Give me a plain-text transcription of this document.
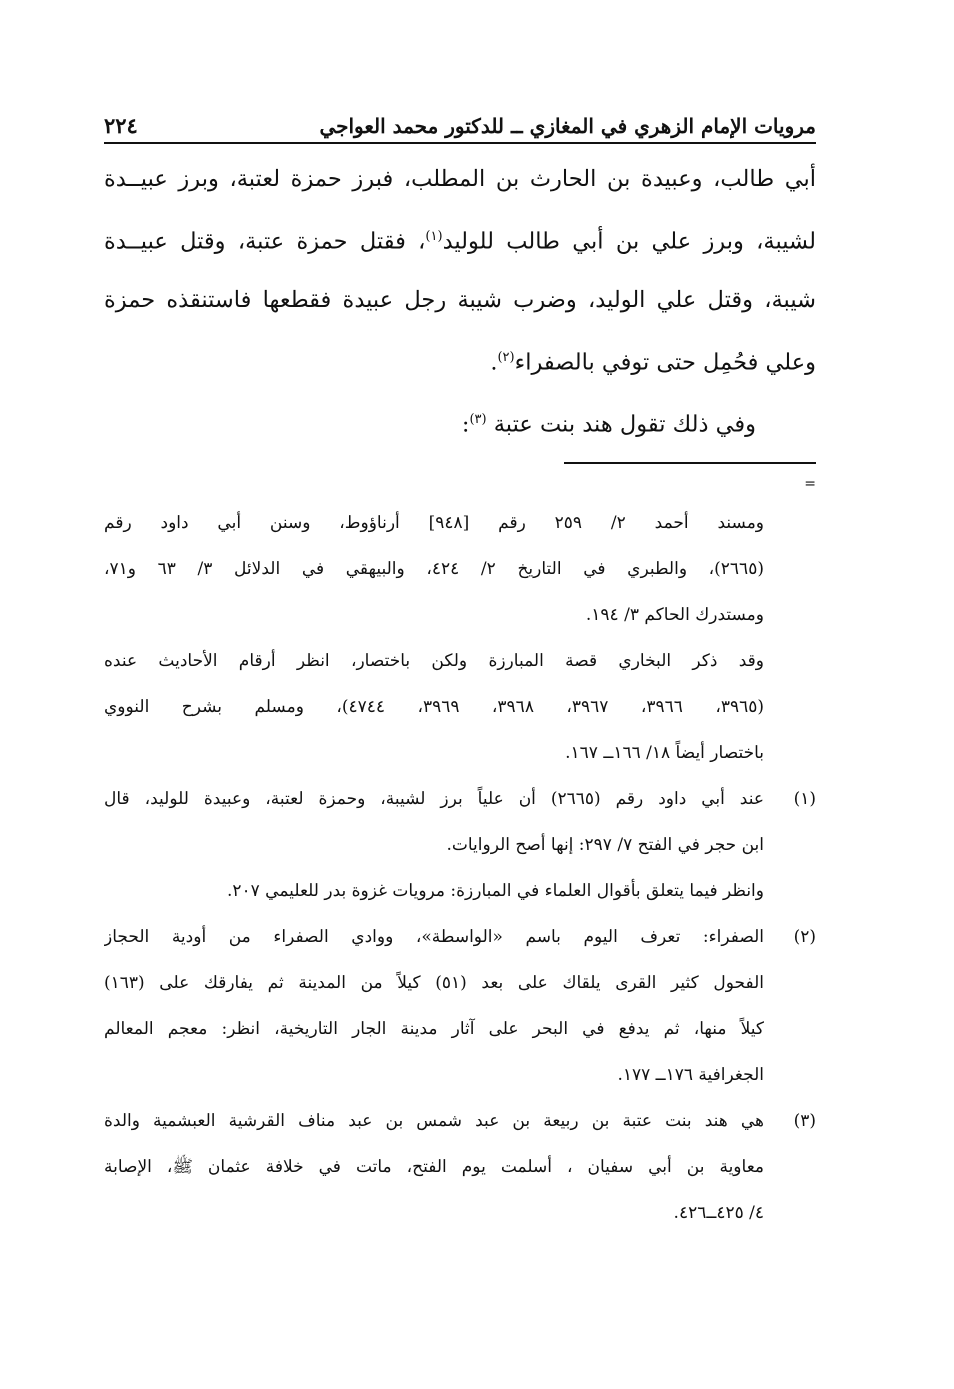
مرويات الإمام الزهري في المغازي ــ للدكتور محمد العواجي
٢٢٤

أبي طالب، وعبيدة بن الحارث بن المطلب، فبرز حمزة لعتبة، وبرز عبيــدة

لشيبة، وبرز علي بن أبي طالب للوليد$^{(١)}$، فقتل حمزة عتبة، وقتل عبيــدة

شيبة، وقتل علي الوليد، وضرب شيبة رجل عبيدة فقطعها فاستنقذه حمزة

وعلي فحُمِل حتى توفي بالصفراء$^{(٢)}$.

وفي ذلك تقول هند بنت عتبة $^{(٣)}$:

=

ومسند أحمد ٢/ ٢٥٩ رقم [٩٤٨] أرناؤوط، وسنن أبي داود رقم

(٢٦٦٥)، والطبري في التاريخ ٢/ ٤٢٤، والبيهقي في الدلائل ٣/ ٦٣ و٧١،

ومستدرك الحاكم ٣/ ١٩٤.

وقد ذكر البخاري قصة المبارزة ولكن باختصار، انظر أرقام الأحاديث عنده

(٣٩٦٥، ٣٩٦٦، ٣٩٦٧، ٣٩٦٨، ٣٩٦٩، ٤٧٤٤)، ومسلم بشرح النووي

باختصار أيضاً ١٨/ ١٦٦ــ ١٦٧.

(١)

عند أبي داود رقم (٢٦٦٥) أن علياً برز لشيبة، وحمزة لعتبة، وعبيدة للوليد، قال

ابن حجر في الفتح ٧/ ٢٩٧: إنها أصح الروايات.

وانظر فيما يتعلق بأقوال العلماء في المبارزة: مرويات غزوة بدر للعليمي ٢٠٧.

(٢)

الصفراء: تعرف اليوم باسم «الواسطة»، ووادي الصفراء من أودية الحجاز

الفحول كثير القرى يلقاك على بعد (٥١) كيلاً من المدينة ثم يفارقك على (١٦٣)

كيلاً منها، ثم يدفع في البحر على آثار مدينة الجار التاريخية، انظر: معجم المعالم

الجغرافية ١٧٦ــ ١٧٧.

(٣)

هي هند بنت عتبة بن ربيعة بن عبد شمس بن عبد مناف القرشية العبشمية والدة

معاوية بن أبي سفيان ، أسلمت يوم الفتح، ماتت في خلافة عثمان ﷺ، الإصابة

٤/ ٤٢٥ــ٤٢٦.
